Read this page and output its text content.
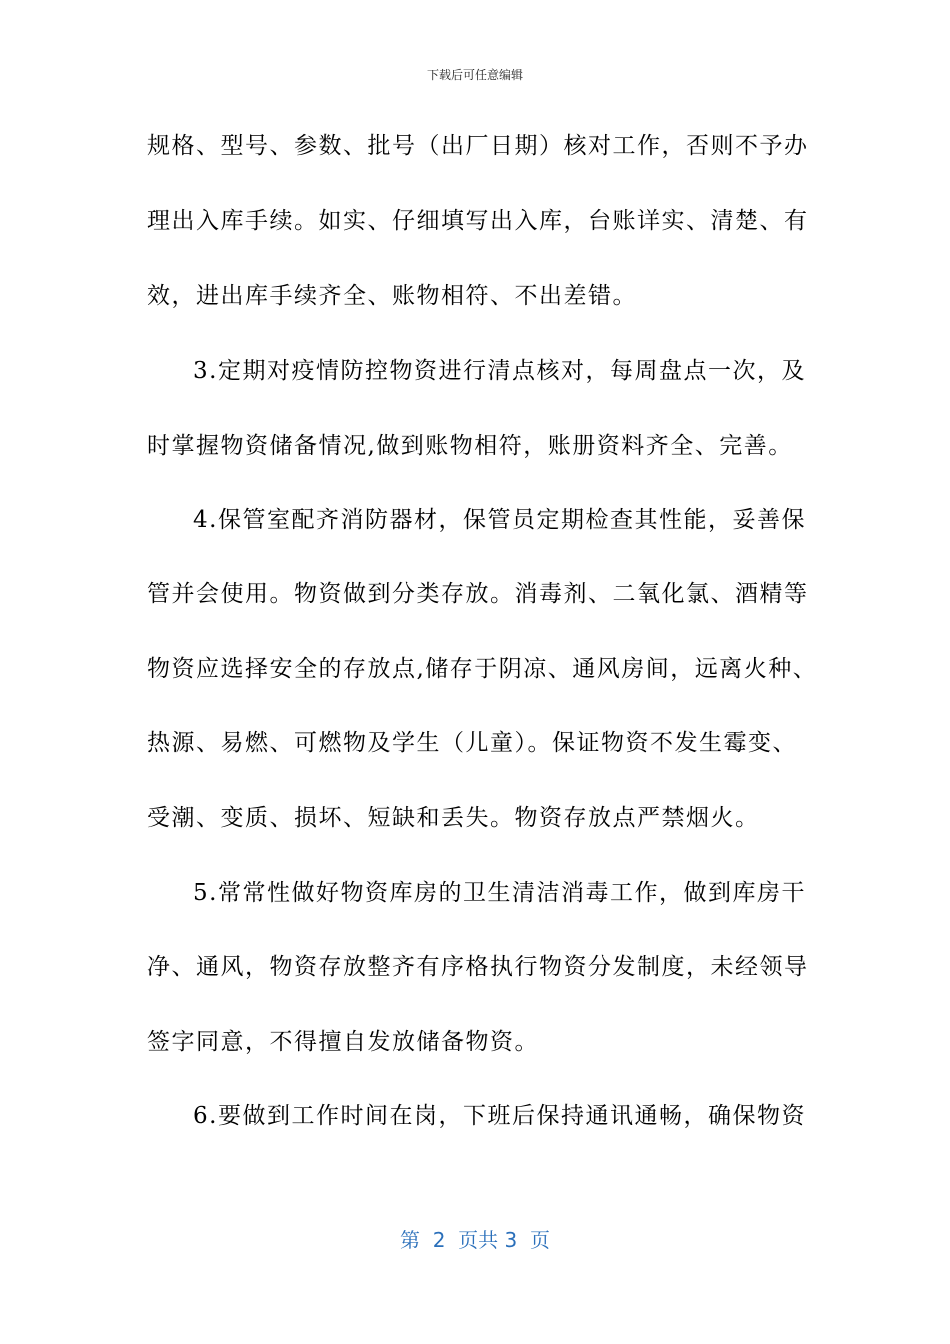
下载后可任意编辑
规格、型号、参数、批号（出厂日期）核对工作，否则不予办
理出入库手续。如实、仔细填写出入库，台账详实、清楚、有
效，进出库手续齐全、账物相符、不出差错。
3.定期对疫情防控物资进行清点核对，每周盘点一次，及
时掌握物资储备情况,做到账物相符，账册资料齐全、完善。
4.保管室配齐消防器材，保管员定期检查其性能，妥善保
管并会使用。物资做到分类存放。消毒剂、二氧化氯、酒精等
物资应选择安全的存放点,储存于阴凉、通风房间，远离火种、
热源、易燃、可燃物及学生（儿童）。保证物资不发生霉变、
受潮、变质、损坏、短缺和丢失。物资存放点严禁烟火。
5.常常性做好物资库房的卫生清洁消毒工作，做到库房干
净、通风，物资存放整齐有序格执行物资分发制度，未经领导
签字同意，不得擅自发放储备物资。
6.要做到工作时间在岗，下班后保持通讯通畅，确保物资
第  2  页共 3  页
